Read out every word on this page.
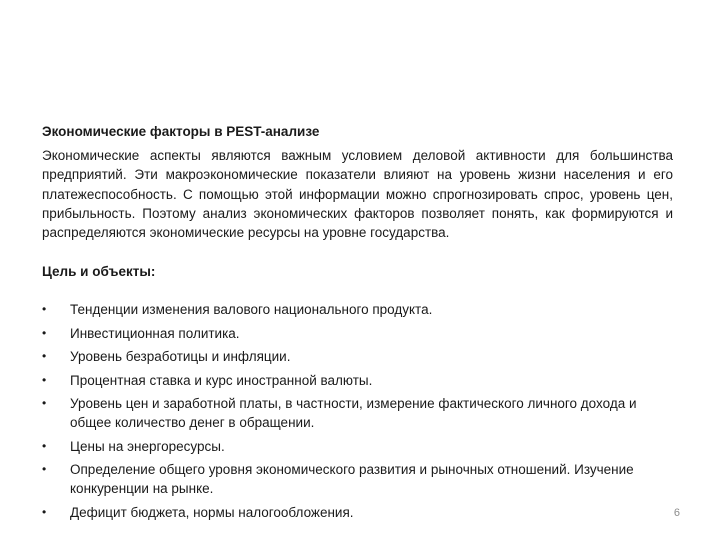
Экономические факторы в PEST-анализе

Экономические аспекты являются важным условием деловой активности для большинства предприятий. Эти макроэкономические показатели влияют на уровень жизни населения и его платежеспособность. С помощью этой информации можно спрогнозировать спрос, уровень цен, прибыльность. Поэтому анализ экономических факторов позволяет понять, как формируются и распределяются экономические ресурсы на уровне государства.

Цель и объекты:
•	Тенденции изменения валового национального продукта.
•	Инвестиционная политика.
•	Уровень безработицы и инфляции.
•	Процентная ставка и курс иностранной валюты.
•	Уровень цен и заработной платы, в частности, измерение фактического личного дохода и общее количество денег в обращении.
•	Цены на энергоресурсы.
•	Определение общего уровня экономического развития и рыночных отношений. Изучение конкуренции на рынке.
•	Дефицит бюджета, нормы налогообложения.	6
